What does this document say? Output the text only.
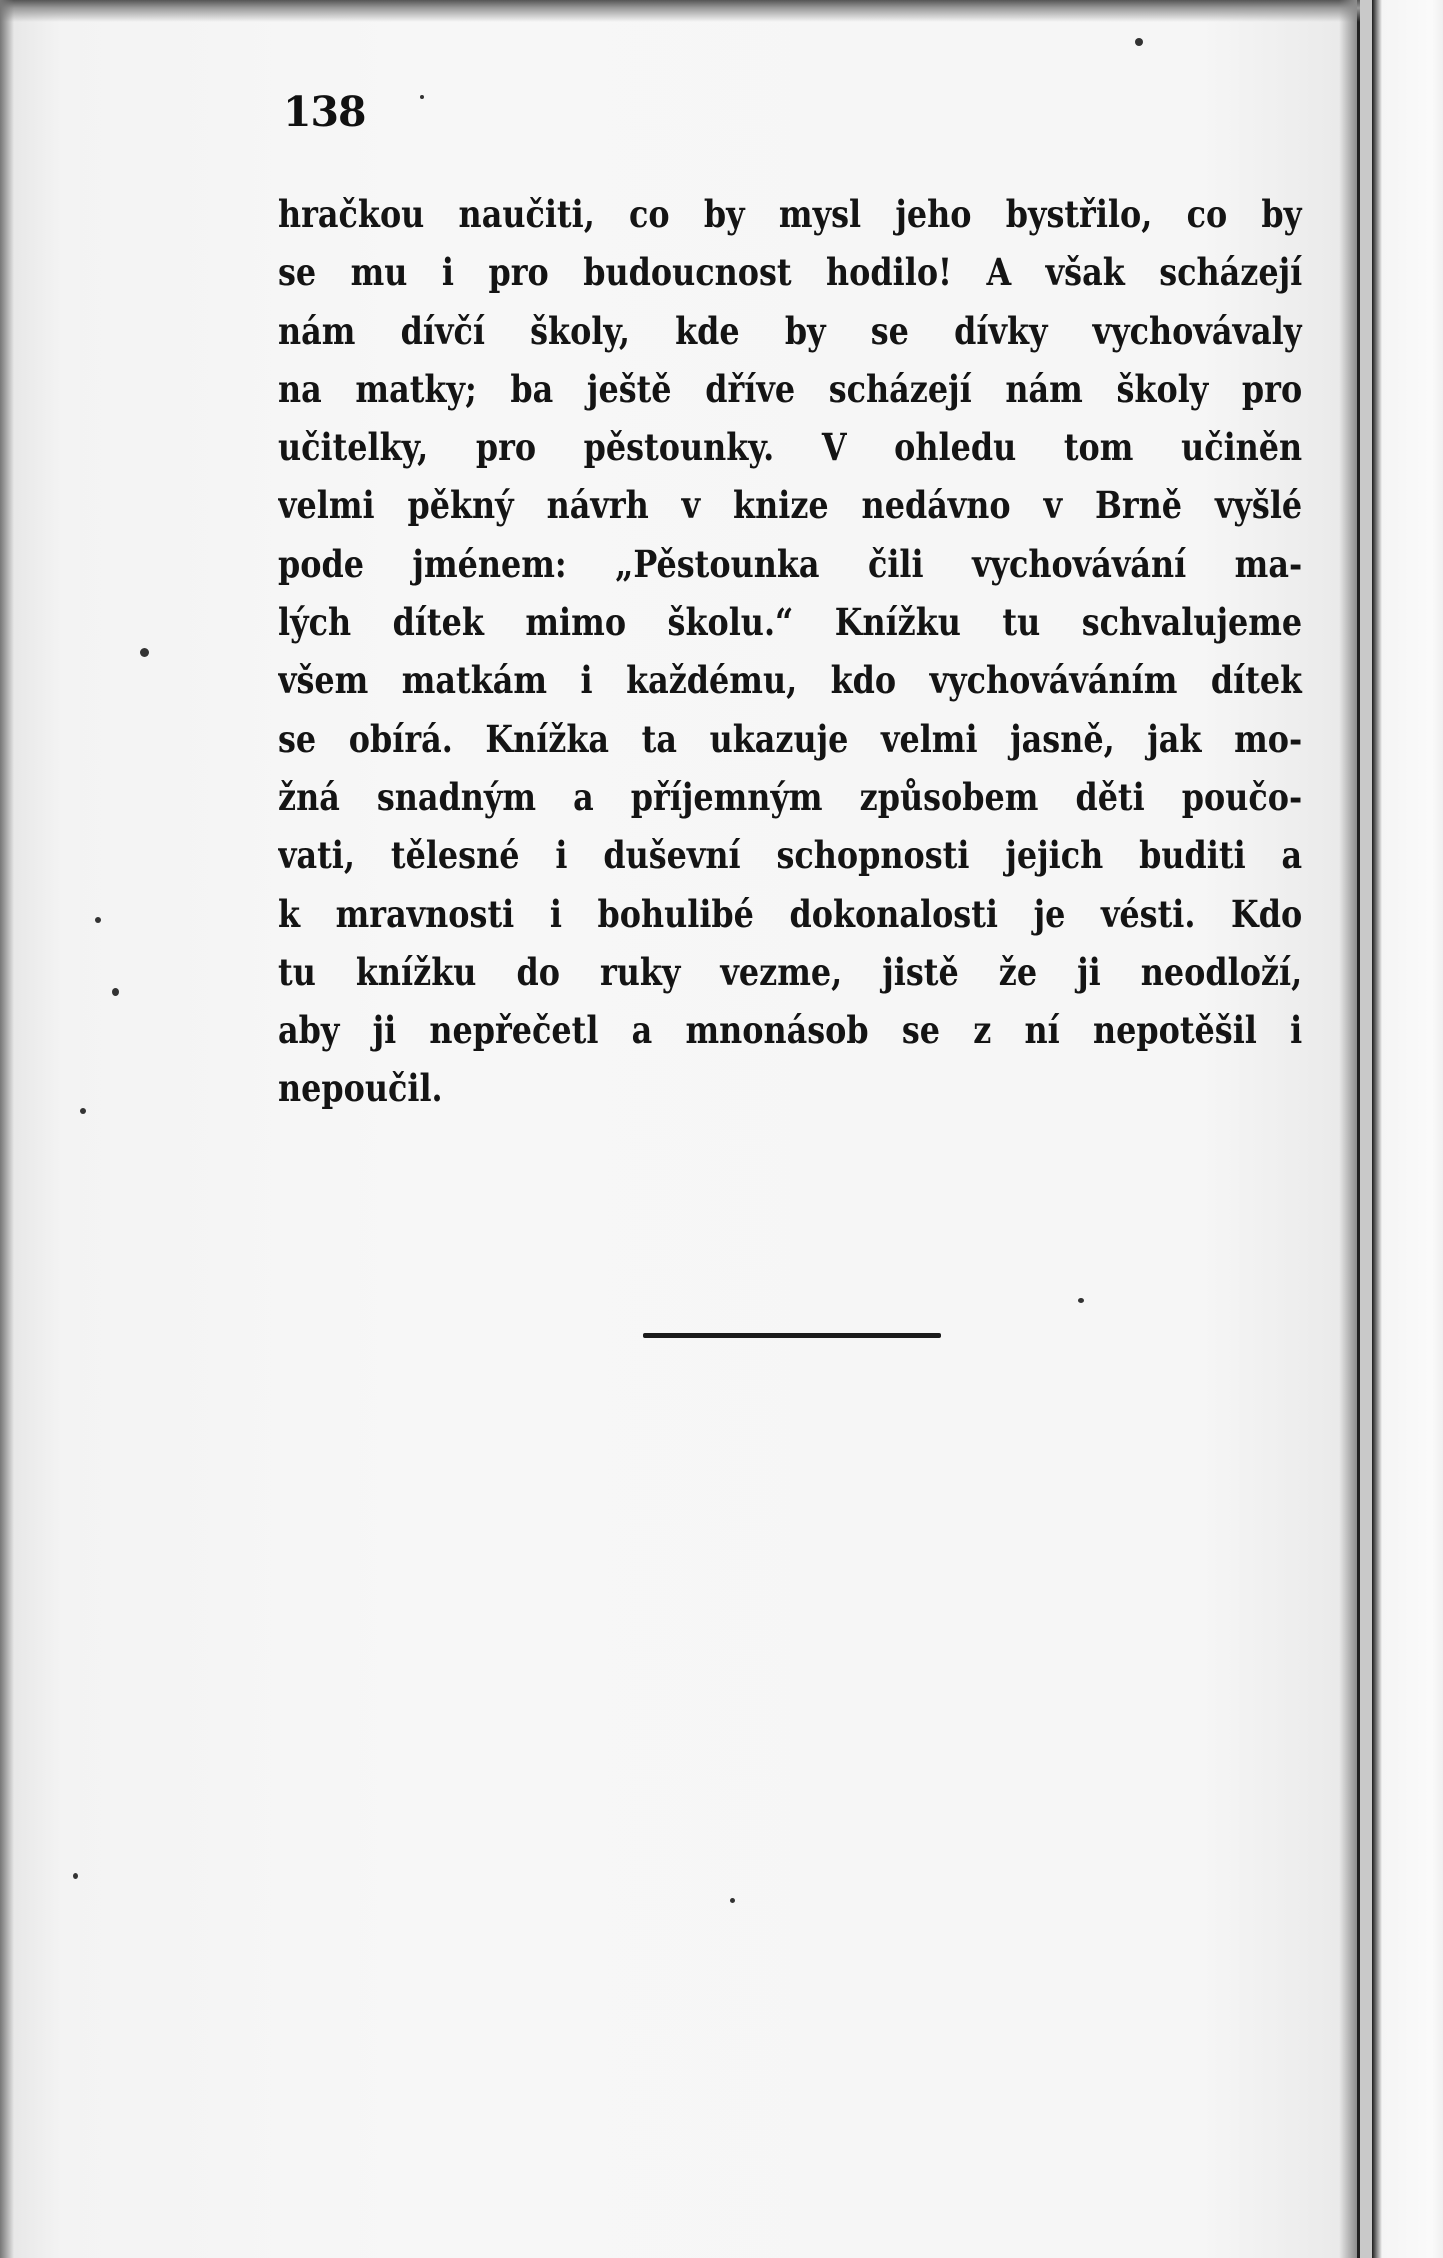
138
hračkou naučiti, co by mysl jeho bystřilo, co by
se mu i pro budoucnost hodilo! A však scházejí
nám dívčí školy, kde by se dívky vychovávaly
na matky; ba ještě dříve scházejí nám školy pro
učitelky, pro pěstounky. V ohledu tom učiněn
velmi pěkný návrh v knize nedávno v Brně vyšlé
pode jménem: „Pěstounka čili vychovávání ma-
lých dítek mimo školu.“ Knížku tu schvalujeme
všem matkám i každému, kdo vychováváním dítek
se obírá. Knížka ta ukazuje velmi jasně, jak mo-
žná snadným a příjemným způsobem děti poučo-
vati, tělesné i duševní schopnosti jejich buditi a
k mravnosti i bohulibé dokonalosti je vésti. Kdo
tu knížku do ruky vezme, jistě že ji neodloží,
aby ji nepřečetl a mnonásob se z ní nepotěšil i
nepoučil.
